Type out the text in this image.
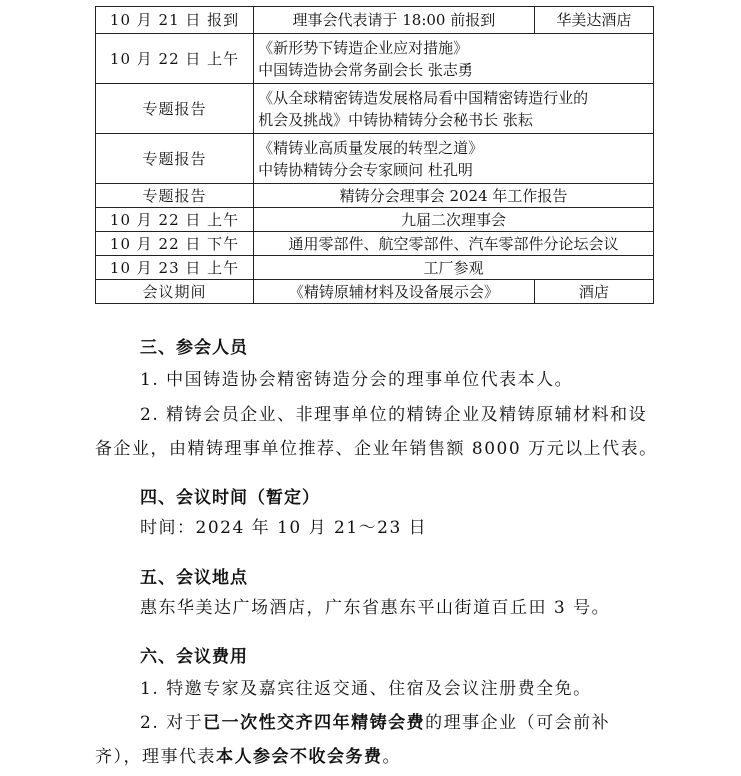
10 月 21 日 报到	理事会代表请于 18:00 前报到	华美达酒店
10 月 22 日 上午	《新形势下铸造企业应对措施》
中国铸造协会常务副会长 张志勇	

专题报告	《从全球精密铸造发展格局看中国精密铸造行业的
机会及挑战》中铸协精铸分会秘书长 张耘	

专题报告	《精铸业高质量发展的转型之道》
中铸协精铸分会专家顾问 杜孔明	

专题报告	精铸分会理事会 2024 年工作报告	
10 月 22 日 上午	九届二次理事会	
10 月 22 日 下午	通用零部件、航空零部件、汽车零部件分论坛会议	
10 月 23 日 上午	工厂参观	
会议期间	《精铸原辅材料及设备展示会》	酒店
三、参会人员
1. 中国铸造协会精密铸造分会的理事单位代表本人。
2. 精铸会员企业、非理事单位的精铸企业及精铸原辅材料和设
备企业，由精铸理事单位推荐、企业年销售额 8000 万元以上代表。
四、会议时间（暂定）
时间：2024 年 10 月 21～23 日
五、会议地点
惠东华美达广场酒店，广东省惠东平山街道百丘田 3 号。
六、会议费用
1. 特邀专家及嘉宾往返交通、住宿及会议注册费全免。
2. 对于已一次性交齐四年精铸会费的理事企业（可会前补
齐），理事代表本人参会不收会务费。
